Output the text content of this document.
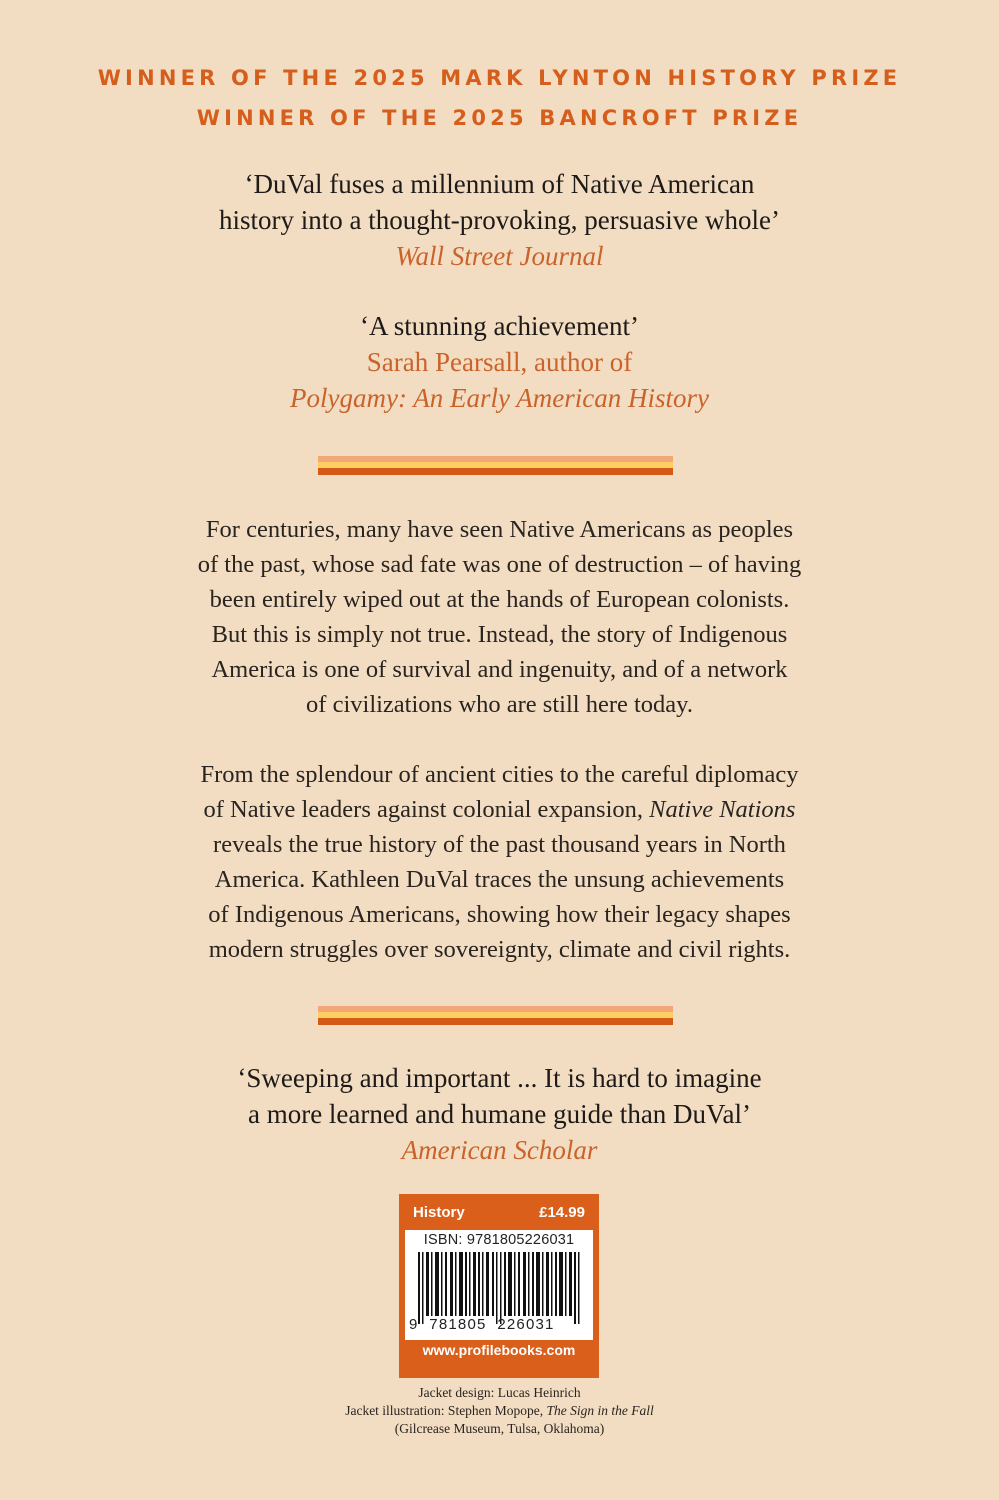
WINNER OF THE 2025 MARK LYNTON HISTORY PRIZE
WINNER OF THE 2025 BANCROFT PRIZE
‘DuVal fuses a millennium of Native American
history into a thought-provoking, persuasive whole’
Wall Street Journal
‘A stunning achievement’
Sarah Pearsall, author of
Polygamy: An Early American History
For centuries, many have seen Native Americans as peoples
of the past, whose sad fate was one of destruction – of having
been entirely wiped out at the hands of European colonists.
But this is simply not true. Instead, the story of Indigenous
America is one of survival and ingenuity, and of a network
of civilizations who are still here today.
From the splendour of ancient cities to the careful diplomacy
of Native leaders against colonial expansion, Native Nations
reveals the true history of the past thousand years in North
America. Kathleen DuVal traces the unsung achievements
of Indigenous Americans, showing how their legacy shapes
modern struggles over sovereignty, climate and civil rights.
‘Sweeping and important ... It is hard to imagine
a more learned and humane guide than DuVal’
American Scholar
History	£14.99
ISBN: 9781805226031
9 781805 226031
www.profilebooks.com
Jacket design: Lucas Heinrich
Jacket illustration: Stephen Mopope, The Sign in the Fall
(Gilcrease Museum, Tulsa, Oklahoma)
